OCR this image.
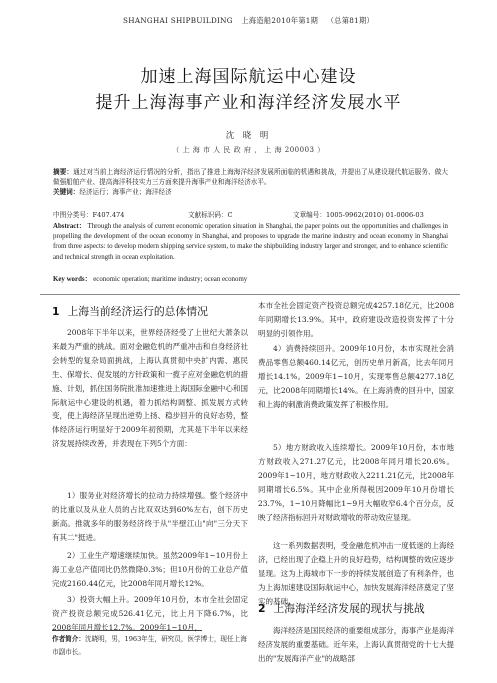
SHANGHAI SHIPBUILDING 上海造船2010年第1期 （总第81期）
加速上海国际航运中心建设
提升上海海事产业和海洋经济发展水平
沈 晓 明
（ 上 海 市 人 民 政 府 ， 上 海 200003 ）
摘要：通过对当前上海经济运行情况的分析，指出了推进上海海洋经济发展所面临的机遇和挑战，并提出了从建设现代航运服务、做大做强船舶产业、提高海洋科技实力三方面来提升海事产业和海洋经济水平。
关键词：经济运行；海事产业；海洋经济
中图分类号：F407.474	文献标识码：C	文章编号：1005-9962(2010) 01-0006-03
Abstract： Through the analysis of current economic operation situation in Shanghai, the paper points out the opportunities and challenges in propelling the development of the ocean economy in Shanghai, and proposes to upgrade the marine industry and ocean economy in Shanghai from three aspects: to develop modern shipping service system, to make the shipbuilding industry larger and stronger, and to enhance scientific and technical strength in ocean exploitation.
Key words： economic operation; maritime industry; ocean economy
1 上海当前经济运行的总体情况

2008年下半年以来，世界经济经受了上世纪大萧条以来最为严重的挑战。面对金融危机的严重冲击和自身经济社会转型的复杂局面挑战，上海认真贯彻中央扩内需、惠民生、保增长、促发展的方针政策和一揽子应对金融危机的措施、计划，抓住国务院批准加速推进上海国际金融中心和国际航运中心建设的机遇，着力抓结构调整、抓发展方式转变，使上海经济呈现出逆势上扬、稳步回升的良好态势，整体经济运行明显好于2009年初预期，尤其是下半年以来经济发展持续改善，并表现在下列5个方面：

1）服务业对经济增长的拉动力持续增强。整个经济中的比重以及从业人员的占比双双达到60%左右，创下历史新高。推就多年的服务经济终于从"半壁江山"向"三分天下有其二"挺进。

2）工业生产增速继续加快。虽然2009年1~10月份上海工业总产值同比仍然微降0.3%；但10月份的工业总产值完成2160.44亿元，比2008年同月增长12%。

3）投资大幅上升。2009年10月份，本市全社会固定资产投资总额完成526.41亿元，比上月下降6.7%，比2008年同月增长12.7%。2009年1~10月，

作者简介：沈晓明，男，1963年生，研究员，医学博士，现任上海市副市长。

本市全社会固定资产投资总额完成4257.18亿元，比2008年同期增长13.9%。其中，政府建设改造投资发挥了十分明显的引领作用。

4）消费持续回升。2009年10月份，本市实现社会消费品零售总额460.14亿元，创历史单月新高，比去年同月增长14.1%。2009年1~10月，实现零售总额4277.18亿元，比2008年同期增长14%。在上海消费的回升中，国家和上海的刺激消费政策发挥了积极作用。

5）地方财政收入连续增长。2009年10月份，本市地方财政收入271.27亿元，比2008年同月增长20.6%。2009年1~10月，地方财政收入2211.21亿元，比2008年同期增长6.5%。其中企业所得税因2009年10月份增长23.7%，1~10月降幅比1~9月大幅收窄6.4个百分点，反映了经济指标回升对财政增收的带动效应显现。

这一系列数据表明，受金融危机冲击一度低迷的上海经济，已经出现了企稳上升的良好趋势，结构调整的效应逐步显现。这为上海城市下一步的持续发展创造了有利条件，也为上海加速建设国际航运中心，加快发展海洋经济奠定了坚实的基础。

2 上海海洋经济发展的现状与挑战

海洋经济是国民经济的重要组成部分，海事产业是海洋经济发展的重要基础。近年来，上海认真贯彻党的十七大提出的"发展海洋产业"的战略部
